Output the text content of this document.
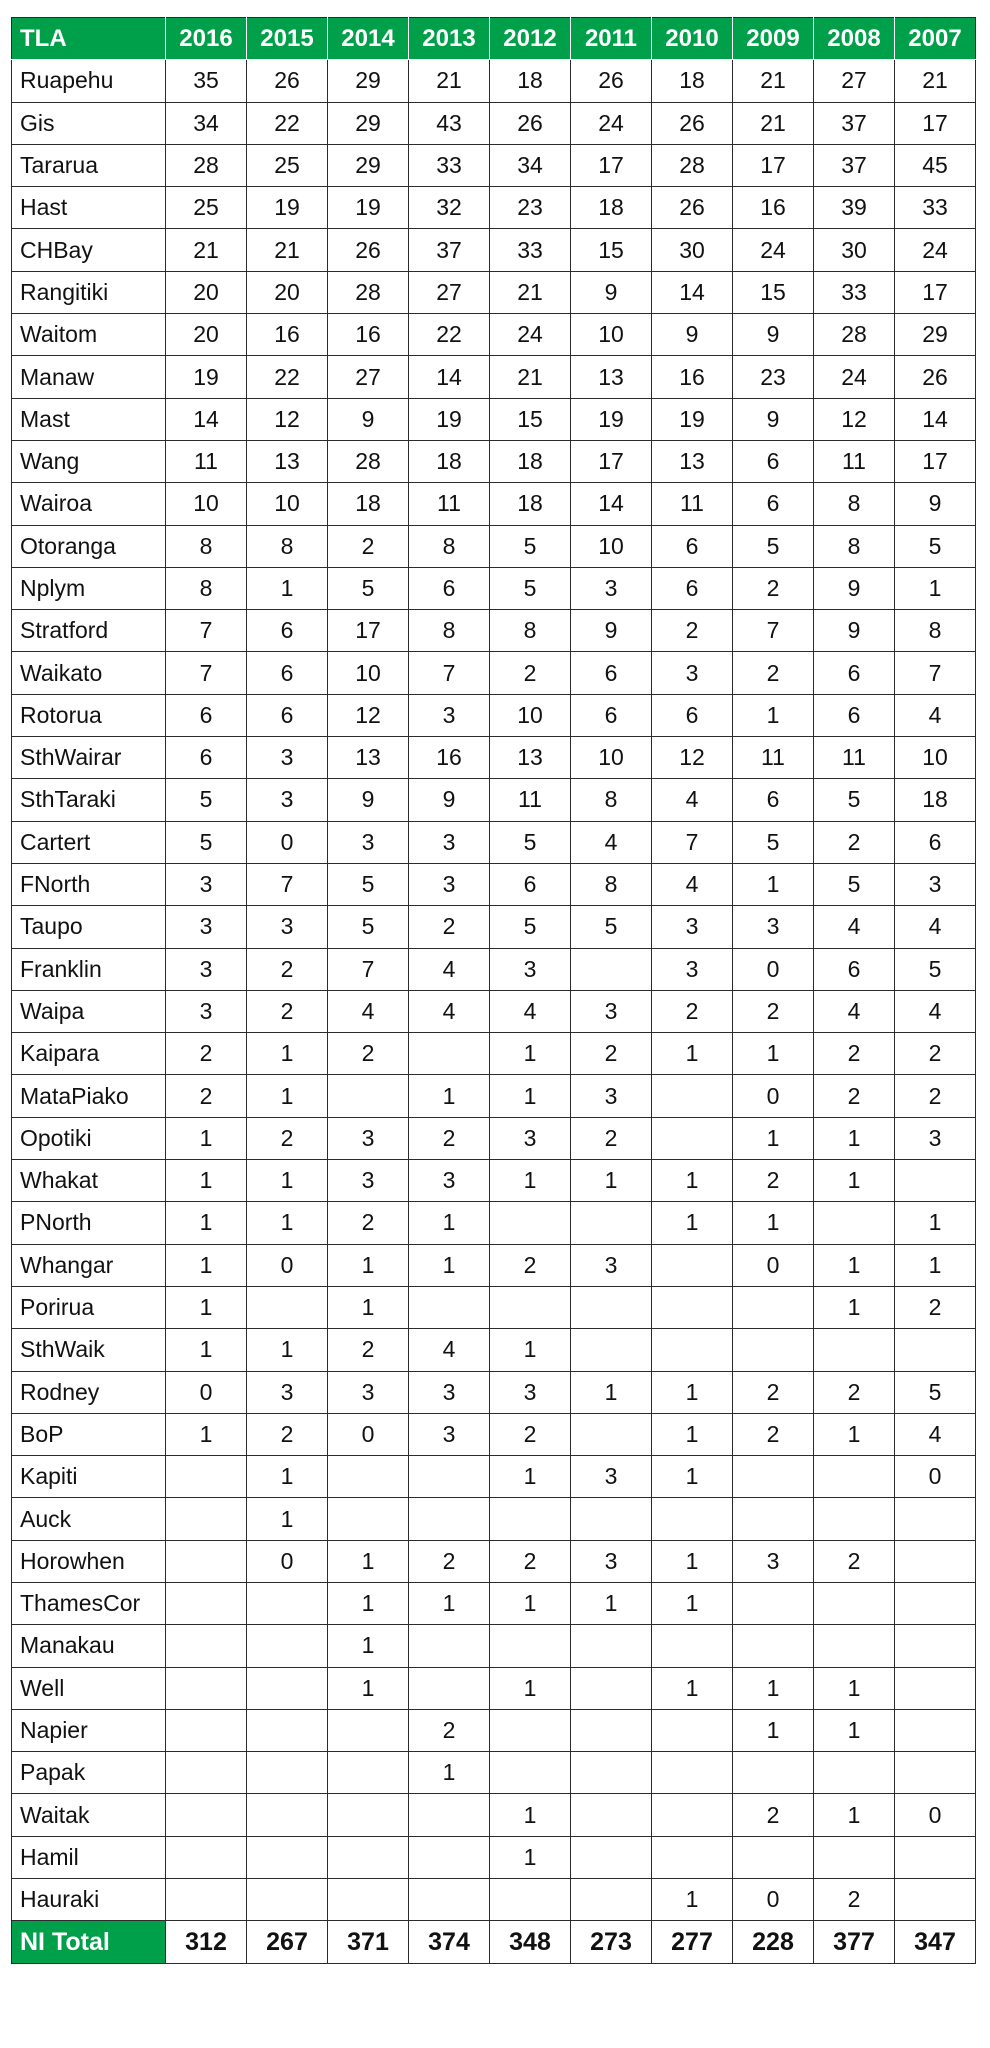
TLA	2016	2015	2014	2013	2012	2011	2010	2009	2008	2007
Ruapehu	35	26	29	21	18	26	18	21	27	21
Gis	34	22	29	43	26	24	26	21	37	17
Tararua	28	25	29	33	34	17	28	17	37	45
Hast	25	19	19	32	23	18	26	16	39	33
CHBay	21	21	26	37	33	15	30	24	30	24
Rangitiki	20	20	28	27	21	9	14	15	33	17
Waitom	20	16	16	22	24	10	9	9	28	29
Manaw	19	22	27	14	21	13	16	23	24	26
Mast	14	12	9	19	15	19	19	9	12	14
Wang	11	13	28	18	18	17	13	6	11	17
Wairoa	10	10	18	11	18	14	11	6	8	9
Otoranga	8	8	2	8	5	10	6	5	8	5
Nplym	8	1	5	6	5	3	6	2	9	1
Stratford	7	6	17	8	8	9	2	7	9	8
Waikato	7	6	10	7	2	6	3	2	6	7
Rotorua	6	6	12	3	10	6	6	1	6	4
SthWairar	6	3	13	16	13	10	12	11	11	10
SthTaraki	5	3	9	9	11	8	4	6	5	18
Cartert	5	0	3	3	5	4	7	5	2	6
FNorth	3	7	5	3	6	8	4	1	5	3
Taupo	3	3	5	2	5	5	3	3	4	4
Franklin	3	2	7	4	3		3	0	6	5
Waipa	3	2	4	4	4	3	2	2	4	4
Kaipara	2	1	2		1	2	1	1	2	2
MataPiako	2	1		1	1	3		0	2	2
Opotiki	1	2	3	2	3	2		1	1	3
Whakat	1	1	3	3	1	1	1	2	1	
PNorth	1	1	2	1			1	1		1
Whangar	1	0	1	1	2	3		0	1	1
Porirua	1		1						1	2
SthWaik	1	1	2	4	1					
Rodney	0	3	3	3	3	1	1	2	2	5
BoP	1	2	0	3	2		1	2	1	4
Kapiti		1			1	3	1			0
Auck		1								
Horowhen		0	1	2	2	3	1	3	2	
ThamesCor			1	1	1	1	1			
Manakau			1							
Well			1		1		1	1	1	
Napier				2				1	1	
Papak				1						
Waitak					1			2	1	0
Hamil					1					
Hauraki							1	0	2	
NI Total	312	267	371	374	348	273	277	228	377	347
